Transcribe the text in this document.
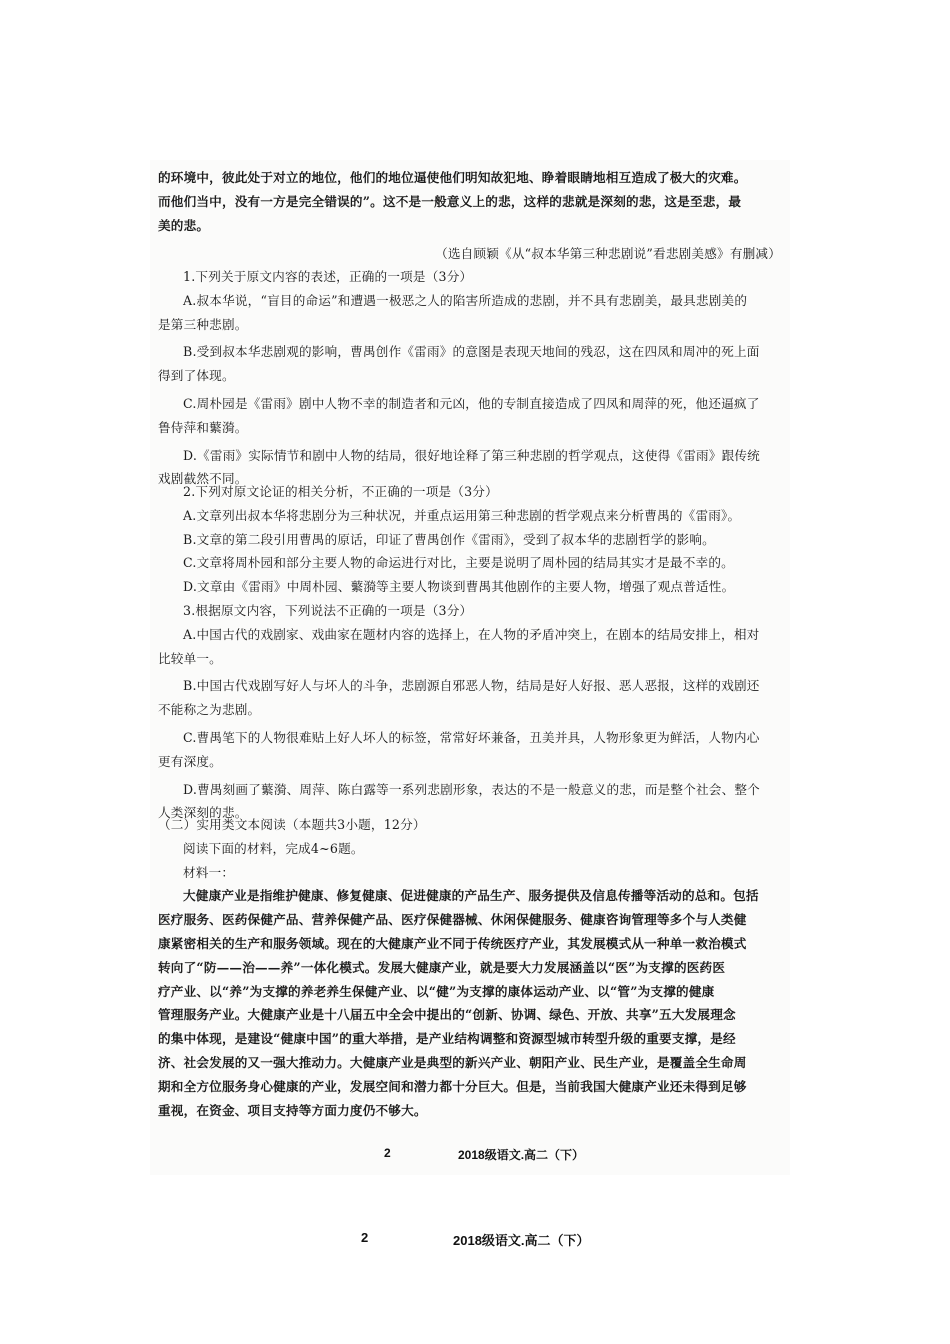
的环境中，彼此处于对立的地位，他们的地位逼使他们明知故犯地、睁着眼睛地相互造成了极大的灾难。

而他们当中，没有一方是完全错误的”。这不是一般意义上的悲，这样的悲就是深刻的悲，这是至悲，最

美的悲。

（选自顾颖《从“叔本华第三种悲剧说”看悲剧美感》有删减）

1.下列关于原文内容的表述，正确的一项是（3分）

A.叔本华说，“盲目的命运”和遭遇一极恶之人的陷害所造成的悲剧，并不具有悲剧美，最具悲剧美的

是第三种悲剧。

B.受到叔本华悲剧观的影响，曹禺创作《雷雨》的意图是表现天地间的残忍，这在四凤和周冲的死上面

得到了体现。

C.周朴园是《雷雨》剧中人物不幸的制造者和元凶，他的专制直接造成了四凤和周萍的死，他还逼疯了

鲁侍萍和蘩漪。

D.《雷雨》实际情节和剧中人物的结局，很好地诠释了第三种悲剧的哲学观点，这使得《雷雨》跟传统

戏剧截然不同。

2.下列对原文论证的相关分析，不正确的一项是（3分）

A.文章列出叔本华将悲剧分为三种状况，并重点运用第三种悲剧的哲学观点来分析曹禺的《雷雨》。

B.文章的第二段引用曹禺的原话，印证了曹禺创作《雷雨》，受到了叔本华的悲剧哲学的影响。

C.文章将周朴园和部分主要人物的命运进行对比，主要是说明了周朴园的结局其实才是最不幸的。

D.文章由《雷雨》中周朴园、蘩漪等主要人物谈到曹禺其他剧作的主要人物，增强了观点普适性。

3.根据原文内容，下列说法不正确的一项是（3分）

A.中国古代的戏剧家、戏曲家在题材内容的选择上，在人物的矛盾冲突上，在剧本的结局安排上，相对

比较单一。

B.中国古代戏剧写好人与坏人的斗争，悲剧源自邪恶人物，结局是好人好报、恶人恶报，这样的戏剧还

不能称之为悲剧。

C.曹禺笔下的人物很难贴上好人坏人的标签，常常好坏兼备，丑美并具，人物形象更为鲜活，人物内心

更有深度。

D.曹禺刻画了蘩漪、周萍、陈白露等一系列悲剧形象，表达的不是一般意义的悲，而是整个社会、整个

人类深刻的悲。

（二）实用类文本阅读（本题共3小题，12分）

阅读下面的材料，完成4~6题。

材料一：

大健康产业是指维护健康、修复健康、促进健康的产品生产、服务提供及信息传播等活动的总和。包括

医疗服务、医药保健产品、营养保健产品、医疗保健器械、休闲保健服务、健康咨询管理等多个与人类健

康紧密相关的生产和服务领域。现在的大健康产业不同于传统医疗产业，其发展模式从一种单一救治模式

转向了“防——治——养”一体化模式。发展大健康产业，就是要大力发展涵盖以“医”为支撑的医药医

疗产业、以“养”为支撑的养老养生保健产业、以“健”为支撑的康体运动产业、以“管”为支撑的健康

管理服务产业。大健康产业是十八届五中全会中提出的“创新、协调、绿色、开放、共享”五大发展理念

的集中体现，是建设“健康中国”的重大举措，是产业结构调整和资源型城市转型升级的重要支撑，是经

济、社会发展的又一强大推动力。大健康产业是典型的新兴产业、朝阳产业、民生产业，是覆盖全生命周

期和全方位服务身心健康的产业，发展空间和潜力都十分巨大。但是，当前我国大健康产业还未得到足够

重视，在资金、项目支持等方面力度仍不够大。

2	2018级语文.高二（下）
2	2018级语文.高二（下）
